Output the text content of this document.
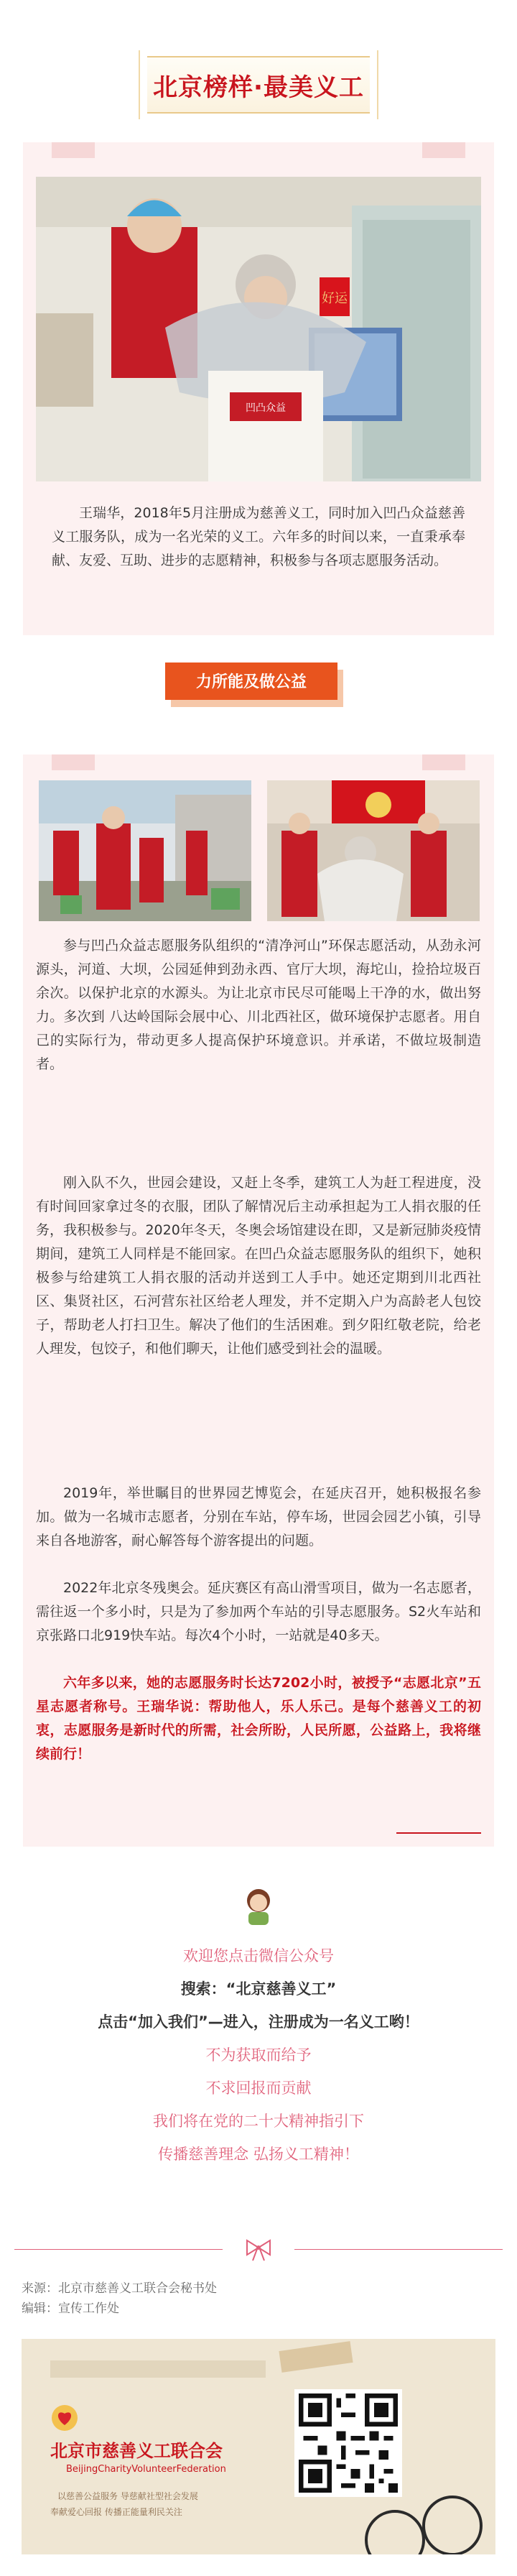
北京榜样·最美义工
好运
凹凸众益

王瑞华，2018年5月注册成为慈善义工，同时加入凹凸众益慈善义工服务队，成为一名光荣的义工。六年多的时间以来，一直秉承奉献、友爱、互助、进步的志愿精神，积极参与各项志愿服务活动。

力所能及做公益

参与凹凸众益志愿服务队组织的“清净河山”环保志愿活动，从劲永河源头，河道、大坝，公园延伸到劲永西、官厅大坝，海坨山，捡拾垃圾百余次。以保护北京的水源头。为让北京市民尽可能喝上干净的水，做出努力。多次到 八达岭国际会展中心、川北西社区，做环境保护志愿者。用自己的实际行为，带动更多人提高保护环境意识。并承诺，不做垃圾制造者。

刚入队不久，世园会建设，又赶上冬季，建筑工人为赶工程进度，没有时间回家拿过冬的衣服，团队了解情况后主动承担起为工人捐衣服的任务，我积极参与。2020年冬天，冬奥会场馆建设在即，又是新冠肺炎疫情期间，建筑工人同样是不能回家。在凹凸众益志愿服务队的组织下，她积极参与给建筑工人捐衣服的活动并送到工人手中。她还定期到川北西社区、集贤社区，石河营东社区给老人理发，并不定期入户为高龄老人包饺子，帮助老人打扫卫生。解决了他们的生活困难。到夕阳红敬老院，给老人理发，包饺子，和他们聊天，让他们感受到社会的温暖。

2019年，举世瞩目的世界园艺博览会，在延庆召开，她积极报名参加。做为一名城市志愿者，分别在车站，停车场，世园会园艺小镇，引导来自各地游客，耐心解答每个游客提出的问题。

2022年北京冬残奥会。延庆赛区有高山滑雪项目，做为一名志愿者，需往返一个多小时，只是为了参加两个车站的引导志愿服务。S2火车站和京张路口北919快车站。每次4个小时，一站就是40多天。

六年多以来，她的志愿服务时长达7202小时，被授予“志愿北京”五星志愿者称号。王瑞华说：帮助他人，乐人乐己。是每个慈善义工的初衷，志愿服务是新时代的所需，社会所盼，人民所愿，公益路上，我将继续前行！

欢迎您点击微信公众号
搜索：“北京慈善义工”
点击“加入我们”—进入，注册成为一名义工哟！
不为获取而给予
不求回报而贡献
我们将在党的二十大精神指引下
传播慈善理念 弘扬义工精神！
来源：北京市慈善义工联合会秘书处
编辑：宣传工作处
北京市慈善义工联合会
BeijingCharityVolunteerFederation
以慈善公益服务 导慈献社型社会发展
奉献爱心回报 传播正能量利民关注
